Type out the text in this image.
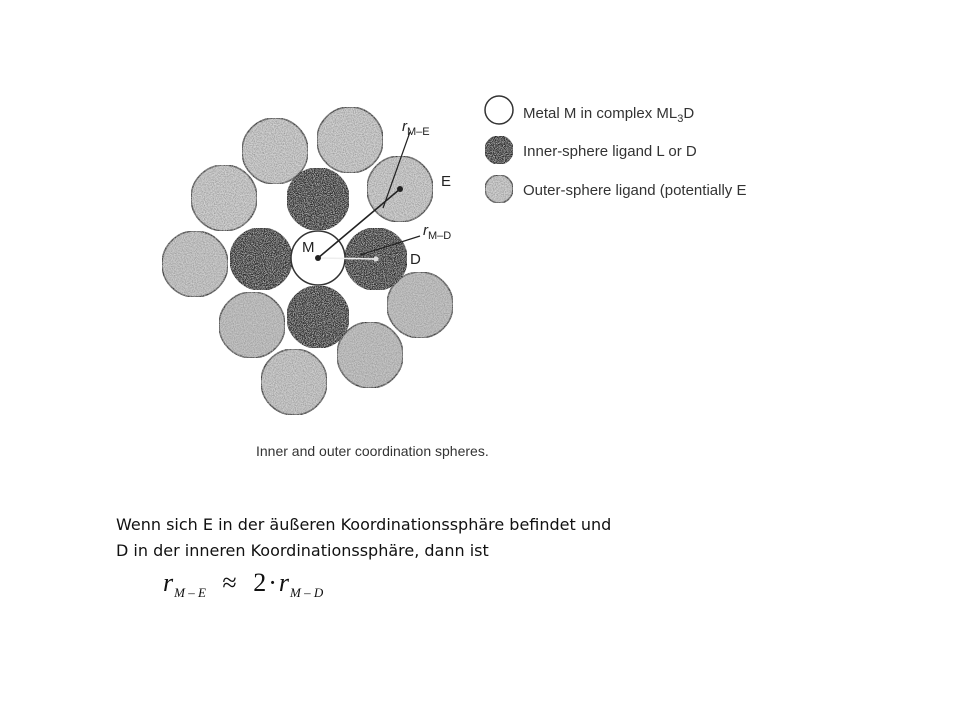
M
D
E
$r_{M-E}$
$r_{M-D}$
Metal M in complex $ML_3D$
Inner-sphere ligand L or D
Outer-sphere ligand (potentially E
Inner and outer coordination spheres.
Wenn sich E in der äußeren Koordinationssphäre befindet und
D in der inneren Koordinationssphäre, dann ist
$r_{M - E} \approx 2\cdot r_{M - D}$
